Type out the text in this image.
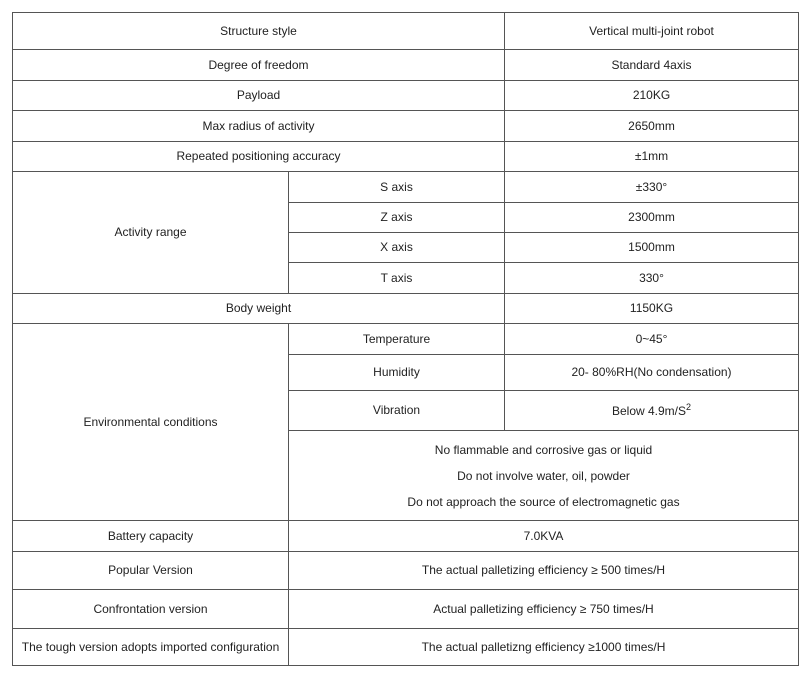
Structure style		Vertical multi-joint robot
Degree of freedom		Standard 4axis
Payload		210KG
Max radius of activity		2650mm
Repeated positioning accuracy		±1mm
Activity range	S axis	±330°
	Z axis	2300mm
	X axis	1500mm
	T axis	330°
Body weight		1150KG
Environmental conditions	Temperature	0~45°
	Humidity	20- 80%RH(No condensation)
	Vibration	Below $4.9m/S^2$

	No flammable and corrosive gas or liquid
Do not involve water, oil, powder
Do not approach the source of electromagnetic gas	

Battery capacity	7.0KVA	
Popular Version	The actual palletizing efficiency ≥ 500 times/H	
Confrontation version	Actual palletizing efficiency ≥ 750 times/H	
The tough version adopts imported configuration	The actual palletizng efficiency ≥1000 times/H	
